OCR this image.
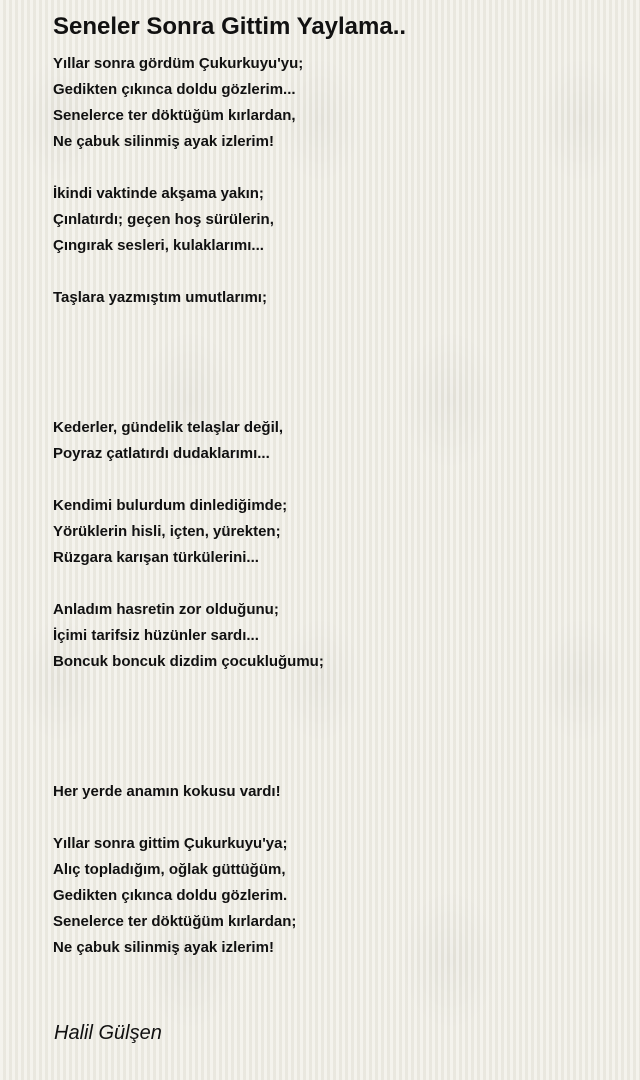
Seneler Sonra Gittim Yaylama..
Yıllar sonra gördüm Çukurkuyu'yu;
Gedikten çıkınca doldu gözlerim...
Senelerce ter döktüğüm kırlardan,
Ne çabuk silinmiş ayak izlerim!
İkindi vaktinde akşama yakın;
Çınlatırdı; geçen hoş sürülerin,
Çıngırak sesleri, kulaklarımı...
Taşlara yazmıştım umutlarımı;
Kederler, gündelik telaşlar değil,
Poyraz çatlatırdı dudaklarımı...
Kendimi bulurdum dinlediğimde;
Yörüklerin hisli, içten, yürekten;
Rüzgara karışan türkülerini...
Anladım hasretin zor olduğunu;
İçimi tarifsiz hüzünler sardı...
Boncuk boncuk dizdim çocukluğumu;
Her yerde anamın kokusu vardı!
Yıllar sonra gittim Çukurkuyu'ya;
Alıç topladığım, oğlak güttüğüm,
Gedikten çıkınca doldu gözlerim.
Senelerce ter döktüğüm kırlardan;
Ne çabuk silinmiş ayak izlerim!
Halil Gülşen
